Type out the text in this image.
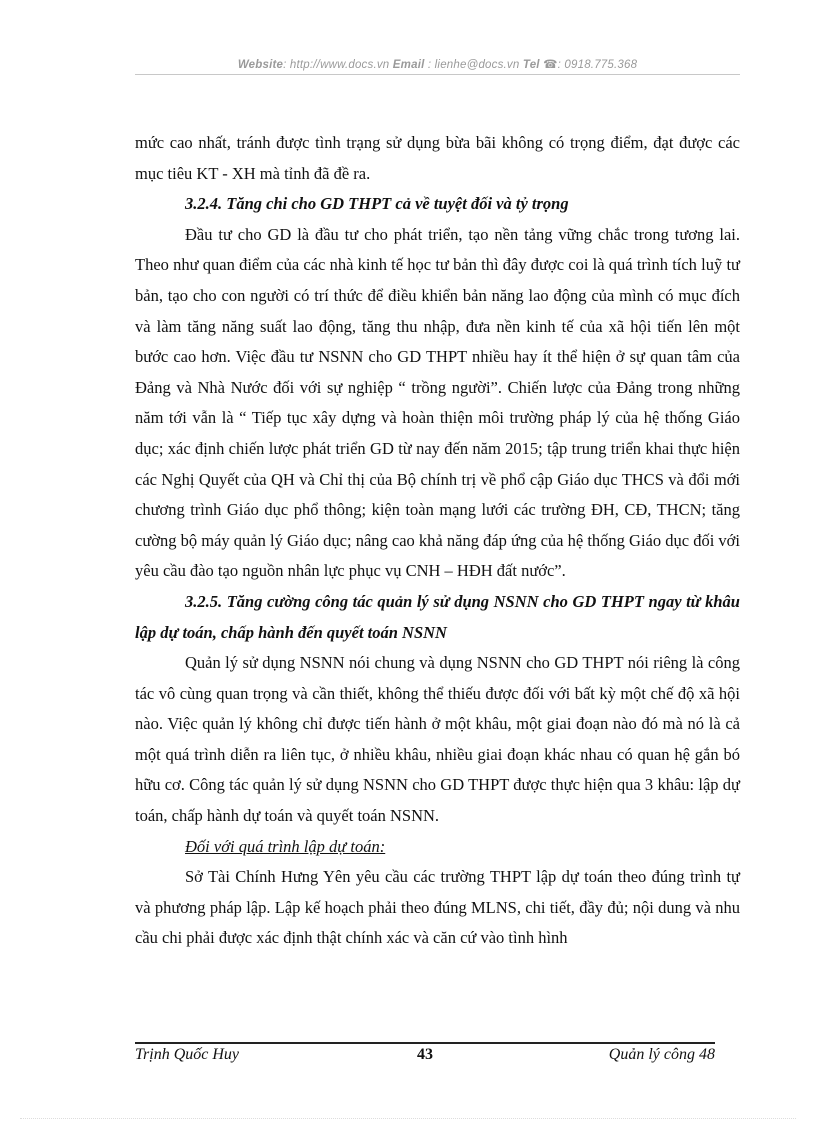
Website: http://www.docs.vn Email : lienhe@docs.vn Tel ☎: 0918.775.368

mức cao nhất, tránh được tình trạng sử dụng bừa bãi không có trọng điểm, đạt được các mục tiêu KT - XH mà tỉnh đã đề ra.

3.2.4. Tăng chi cho GD THPT cả về tuyệt đối và tỷ trọng

Đầu tư cho GD là đầu tư cho phát triển, tạo nền tảng vững chắc trong tương lai. Theo như quan điểm của các nhà kinh tế học tư bản thì đây được coi là quá trình tích luỹ tư bản, tạo cho con người có trí thức để điều khiển bản năng lao động của mình có mục đích và làm tăng năng suất lao động, tăng thu nhập, đưa nền kinh tế của xã hội tiến lên một bước cao hơn. Việc đầu tư NSNN cho GD THPT nhiều hay ít thể hiện ở sự quan tâm của Đảng và Nhà Nước đối với sự nghiệp “ trồng người”. Chiến lược của Đảng trong những năm tới vẫn là “ Tiếp tục xây dựng và hoàn thiện môi trường pháp lý của hệ thống Giáo dục; xác định chiến lược phát triển GD từ nay đến năm 2015; tập trung triển khai thực hiện các Nghị Quyết của QH và Chỉ thị của Bộ chính trị về phổ cập Giáo dục THCS và đổi mới chương trình Giáo dục phổ thông; kiện toàn mạng lưới các trường ĐH, CĐ, THCN; tăng cường bộ máy quản lý Giáo dục; nâng cao khả năng đáp ứng của hệ thống Giáo dục đối với yêu cầu đào tạo nguồn nhân lực phục vụ CNH – HĐH đất nước”.

3.2.5. Tăng cường công tác quản lý sử dụng NSNN cho GD THPT ngay từ khâu lập dự toán, chấp hành đến quyết toán NSNN

Quản lý sử dụng NSNN nói chung và dụng NSNN cho GD THPT nói riêng là công tác vô cùng quan trọng và cần thiết, không thể thiếu được đối với bất kỳ một chế độ xã hội nào. Việc quản lý không chỉ được tiến hành ở một khâu, một giai đoạn nào đó mà nó là cả một quá trình diễn ra liên tục, ở nhiều khâu, nhiều giai đoạn khác nhau có quan hệ gắn bó hữu cơ. Công tác quản lý sử dụng NSNN cho GD THPT được thực hiện qua 3 khâu: lập dự toán, chấp hành dự toán và quyết toán NSNN.

Đối với quá trình lập dự toán:

Sở Tài Chính Hưng Yên yêu cầu các trường THPT lập dự toán theo đúng trình tự và phương pháp lập. Lập kế hoạch phải theo đúng MLNS, chi tiết, đầy đủ; nội dung và nhu cầu chi phải được xác định thật chính xác và căn cứ vào tình hình

Trịnh Quốc Huy	43	Quản lý công 48
